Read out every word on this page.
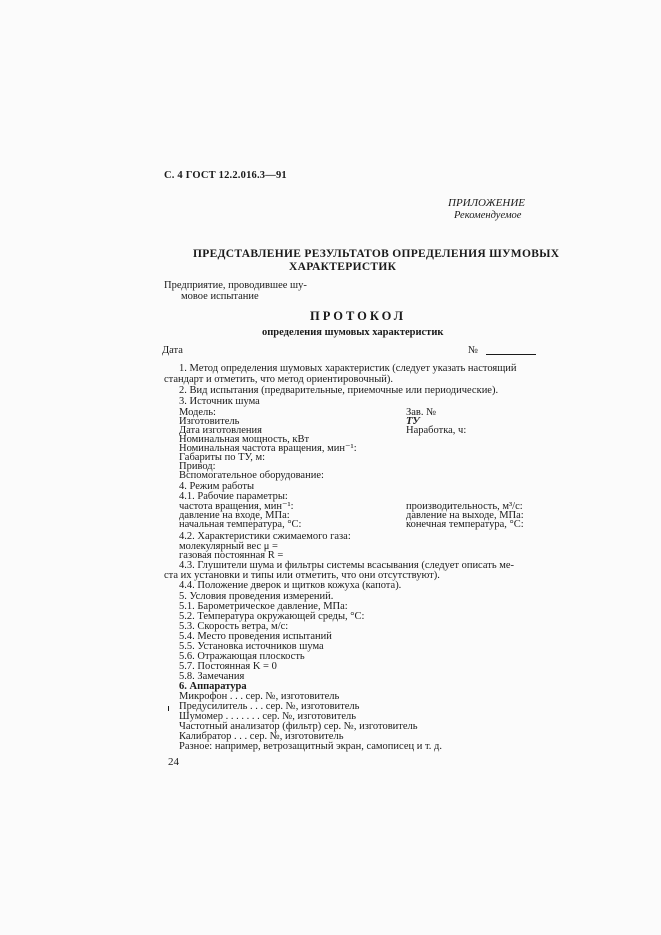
С. 4 ГОСТ 12.2.016.3—91
ПРИЛОЖЕНИЕ
Рекомендуемое
ПРЕДСТАВЛЕНИЕ РЕЗУЛЬТАТОВ ОПРЕДЕЛЕНИЯ ШУМОВЫХ
ХАРАКТЕРИСТИК
Предприятие, проводившее шу-
мовое испытание
ПРОТОКОЛ
определения шумовых характеристик
Дата	№
1. Метод определения шумовых характеристик (следует указать настоящий
стандарт и отметить, что метод ориентировочный).
2. Вид испытания (предварительные, приемочные или периодические).
3. Источник шума
Модель:	Зав. №
Изготовитель	ТУ
Дата изготовления	Наработка, ч:
Номинальная мощность, кВт
Номинальная частота вращения, мин⁻¹:
Габариты по ТУ, м:
Привод:
Вспомогательное оборудование:
4. Режим работы
4.1. Рабочие параметры:
частота вращения, мин⁻¹:	производительность, м³/с:
давление на входе, МПа:	давление на выходе, МПа:
начальная температура, °С:	конечная температура, °С:
4.2. Характеристики сжимаемого газа:
молекулярный вес μ =
газовая постоянная R =
4.3. Глушители шума и фильтры системы всасывания (следует описать ме-
ста их установки и типы или отметить, что они отсутствуют).
4.4. Положение дверок и щитков кожуха (капота).
5. Условия проведения измерений.
5.1. Барометрическое давление, МПа:
5.2. Температура окружающей среды, °С:
5.3. Скорость ветра, м/с:
5.4. Место проведения испытаний
5.5. Установка источников шума
5.6. Отражающая плоскость
5.7. Постоянная K = 0
5.8. Замечания
6. Аппаратура
Микрофон . . . сер. №, изготовитель
Предусилитель . . . сер. №, изготовитель
Шумомер . . . . . . . сер. №, изготовитель
Частотный анализатор (фильтр) сер. №, изготовитель
Калибратор . . . сер. №, изготовитель
Разное: например, ветрозащитный экран, самописец и т. д.
24
